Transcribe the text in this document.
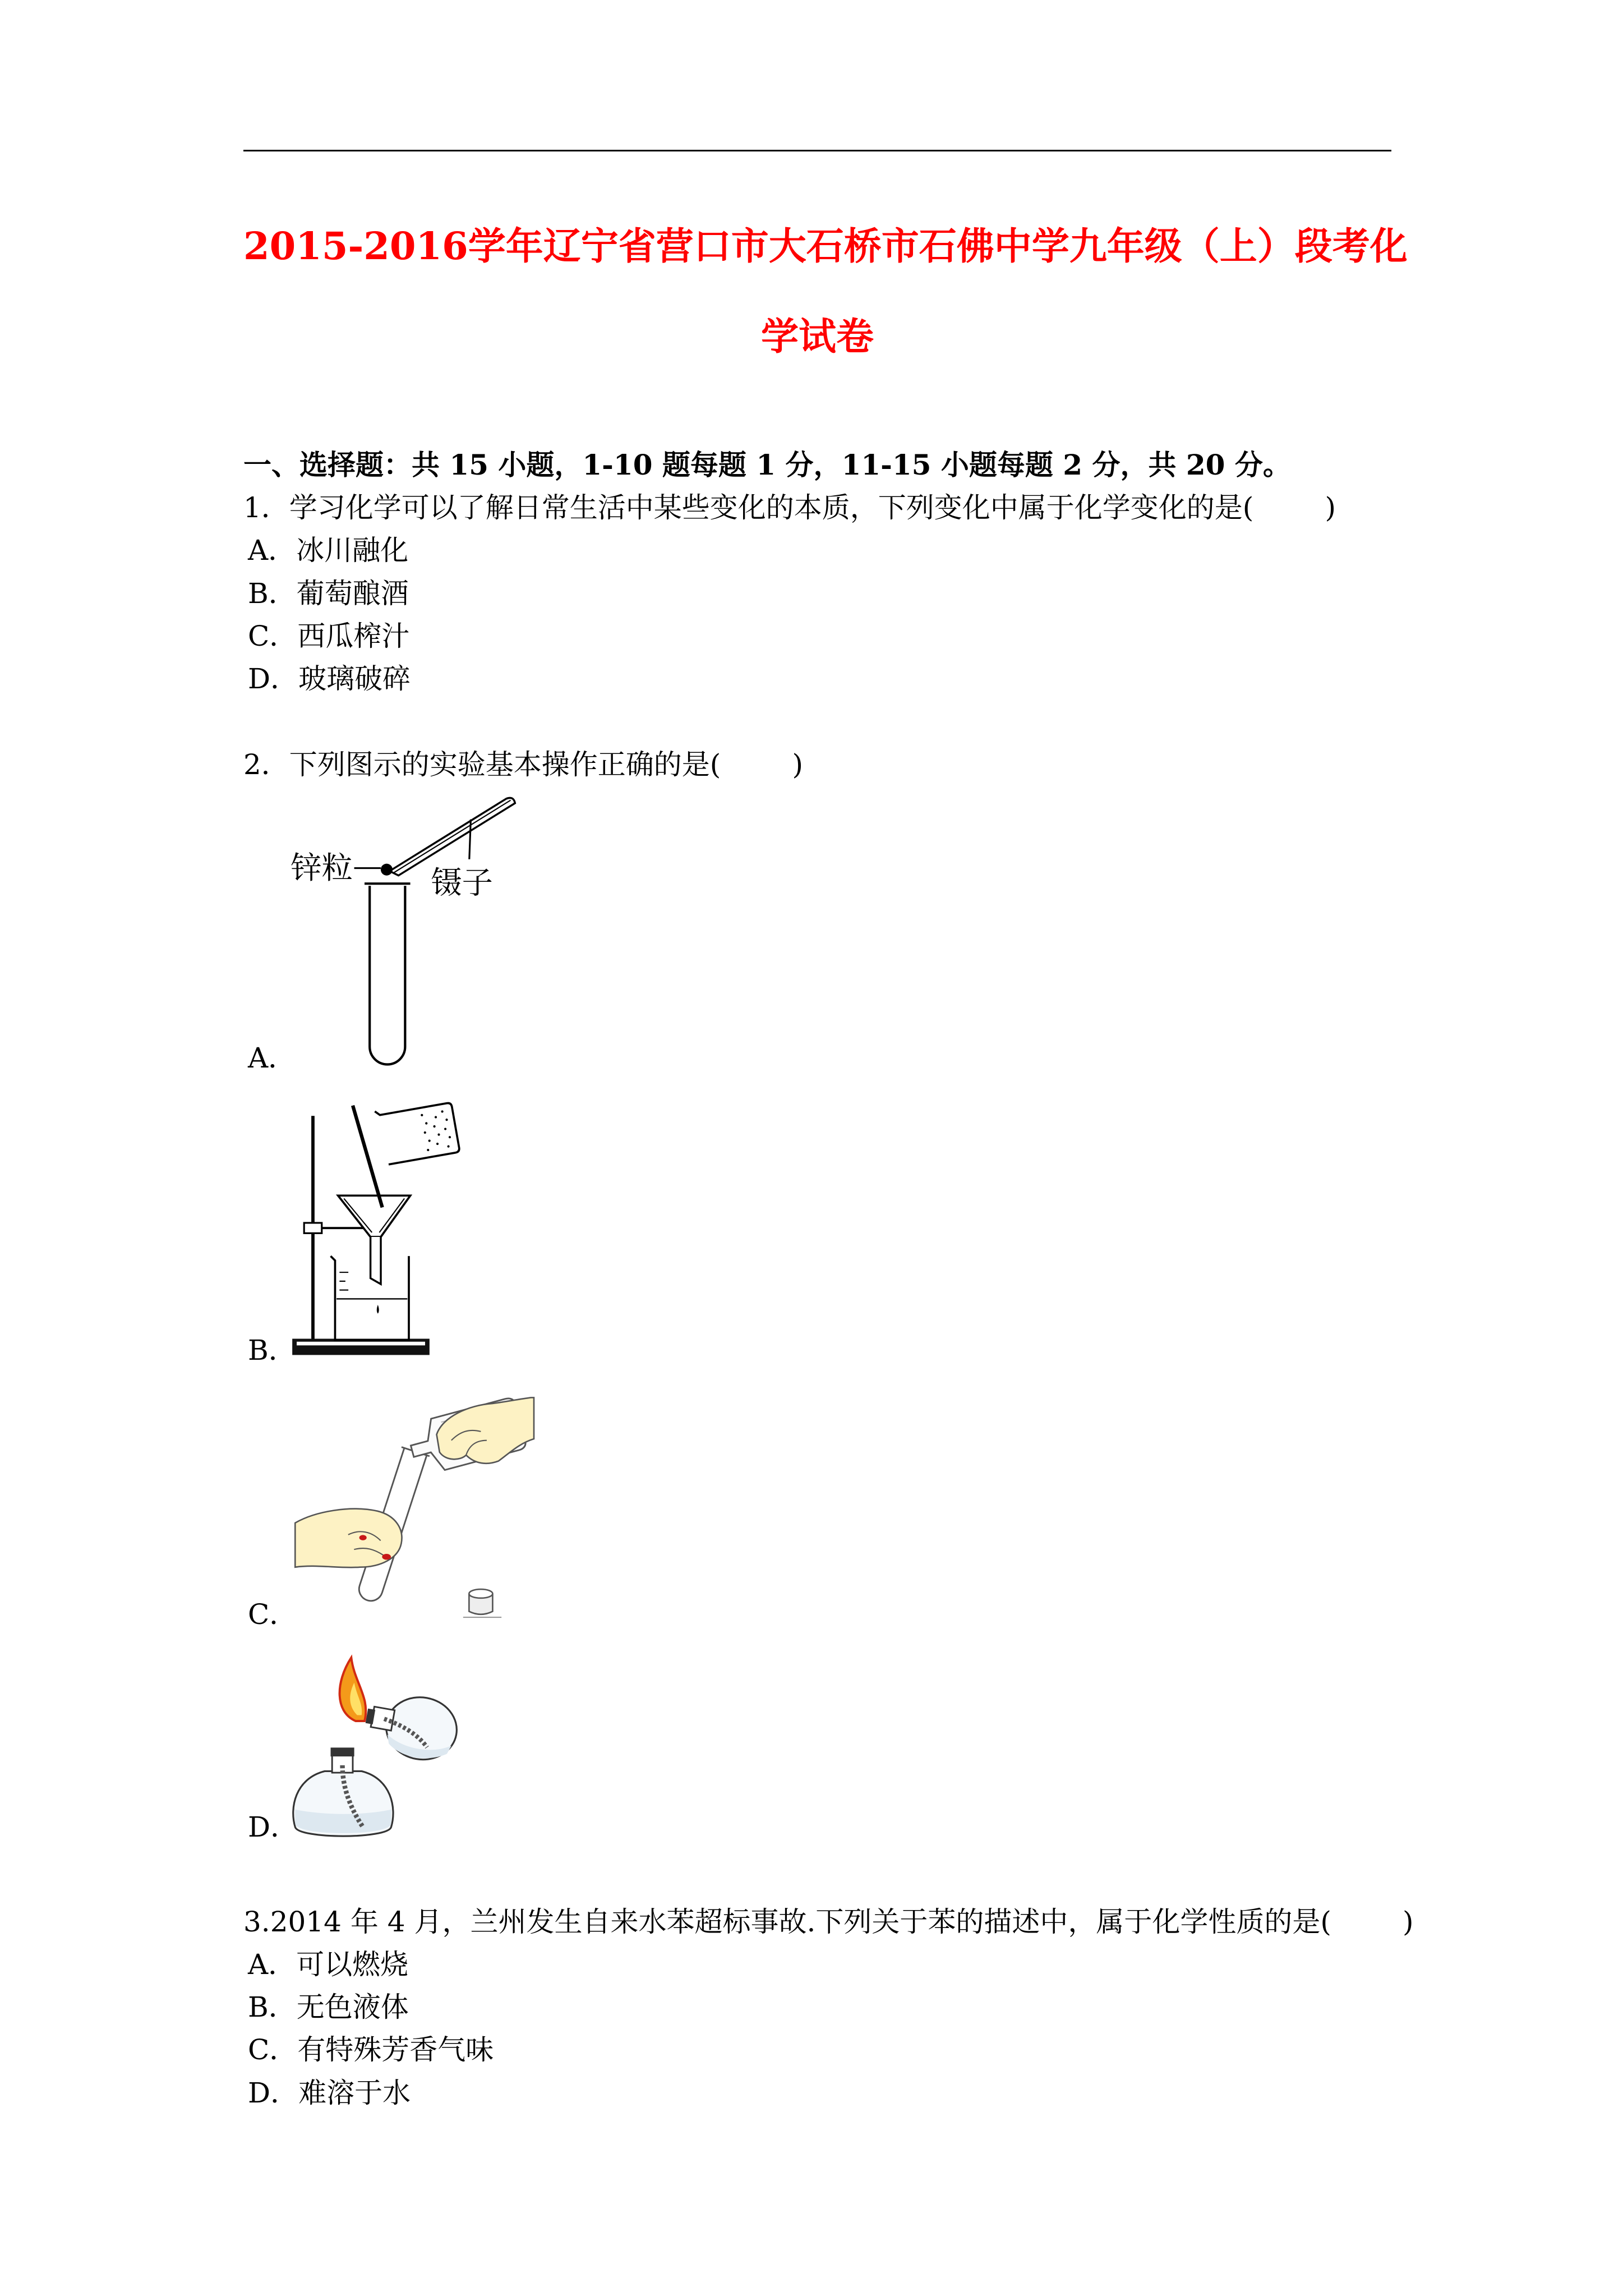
2015-2016学年辽宁省营口市大石桥市石佛中学九年级（上）段考化
学试卷
一、选择题：共 15 小题，1-10 题每题 1 分，11-15 小题每题 2 分，共 20 分。
1．学习化学可以了解日常生活中某些变化的本质，下列变化中属于化学变化的是(        )
A．冰川融化
B．葡萄酿酒
C．西瓜榨汁
D．玻璃破碎
2．下列图示的实验基本操作正确的是(        )
锌粒	镊子
A．
B．
C．
D．
3.2014 年 4 月，兰州发生自来水苯超标事故.下列关于苯的描述中，属于化学性质的是(        )
A．可以燃烧
B．无色液体
C．有特殊芳香气味
D．难溶于水
